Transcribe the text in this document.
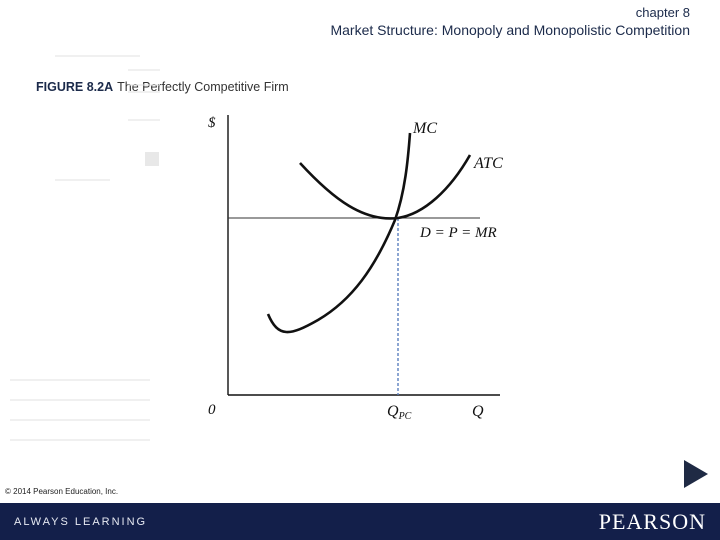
chapter 8
Market Structure: Monopoly and Monopolistic Competition
FIGURE 8.2A The Perfectly Competitive Firm
$	MC
ATC
D = P = MR
0	QPC	Q
© 2014 Pearson Education, Inc.
ALWAYS LEARNING	PEARSON
